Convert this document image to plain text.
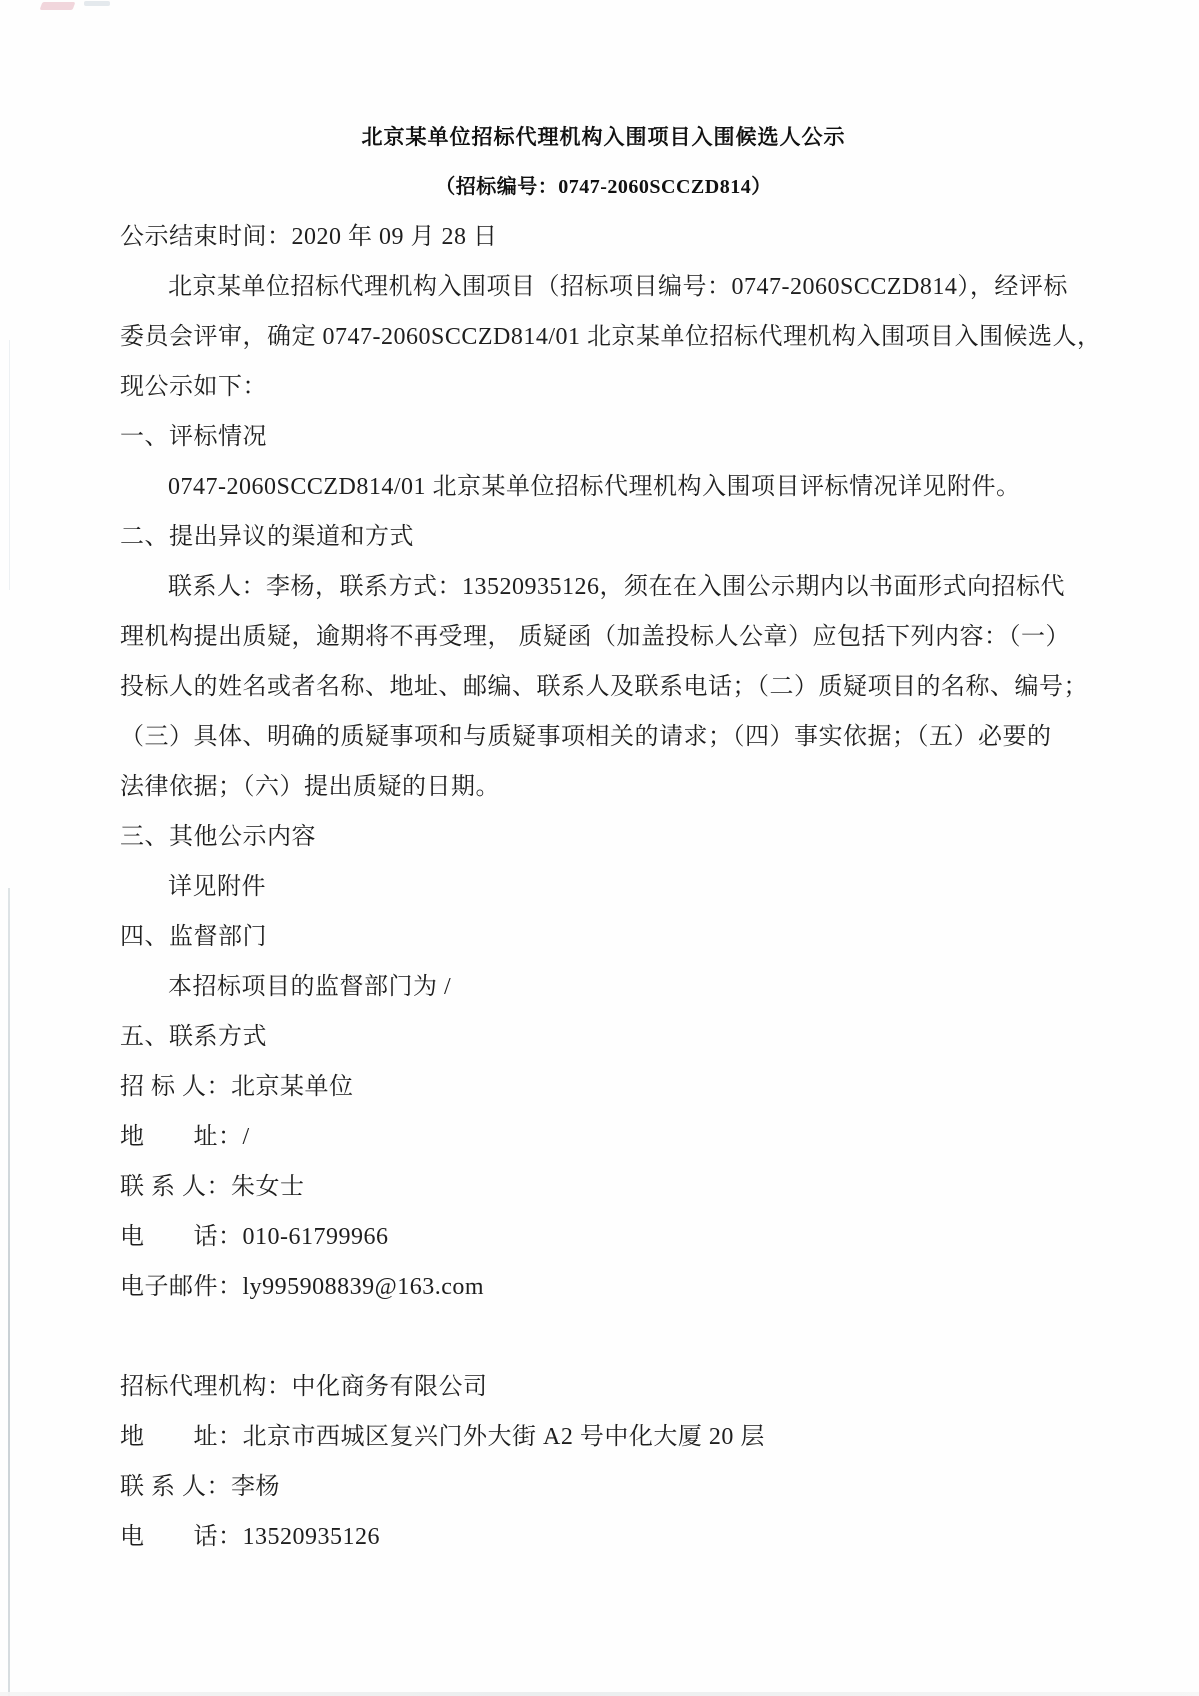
北京某单位招标代理机构入围项目入围候选人公示
（招标编号：0747-2060SCCZD814）
公示结束时间：2020 年 09 月 28 日
北京某单位招标代理机构入围项目（招标项目编号：0747-2060SCCZD814），经评标
委员会评审，确定 0747-2060SCCZD814/01 北京某单位招标代理机构入围项目入围候选人，
现公示如下：
一、评标情况
0747-2060SCCZD814/01 北京某单位招标代理机构入围项目评标情况详见附件。
二、提出异议的渠道和方式
联系人：李杨，联系方式：13520935126，须在在入围公示期内以书面形式向招标代
理机构提出质疑，逾期将不再受理， 质疑函（加盖投标人公章）应包括下列内容：（一）
投标人的姓名或者名称、地址、邮编、联系人及联系电话；（二）质疑项目的名称、编号；
（三）具体、明确的质疑事项和与质疑事项相关的请求；（四）事实依据；（五）必要的
法律依据；（六）提出质疑的日期。
三、其他公示内容
详见附件
四、监督部门
本招标项目的监督部门为 /
五、联系方式
招 标 人：北京某单位
地　　址：/
联 系 人：朱女士
电　　话：010-61799966
电子邮件：ly995908839@163.com
招标代理机构：中化商务有限公司
地　　址：北京市西城区复兴门外大街 A2 号中化大厦 20 层
联 系 人：李杨
电　　话：13520935126
